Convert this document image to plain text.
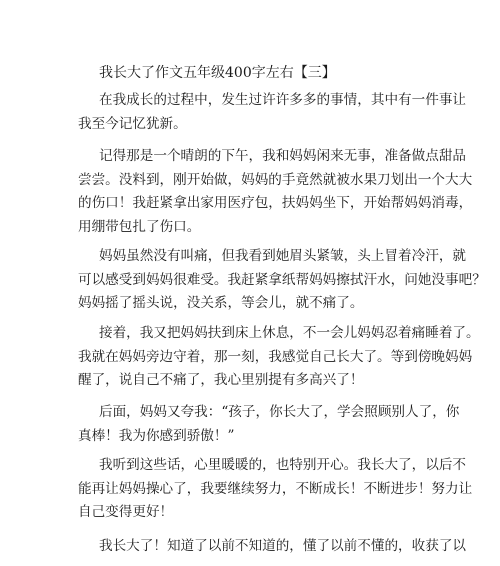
我长大了作文五年级400字左右【三】

在我成长的过程中，发生过许许多多的事情，其中有一件事让
我至今记忆犹新。

记得那是一个晴朗的下午，我和妈妈闲来无事，准备做点甜品
尝尝。没料到，刚开始做，妈妈的手竟然就被水果刀划出一个大大
的伤口！我赶紧拿出家用医疗包，扶妈妈坐下，开始帮妈妈消毒，
用绷带包扎了伤口。

妈妈虽然没有叫痛，但我看到她眉头紧皱，头上冒着冷汗，就
可以感受到妈妈很难受。我赶紧拿纸帮妈妈擦拭汗水，问她没事吧？
妈妈摇了摇头说，没关系，等会儿，就不痛了。

接着，我又把妈妈扶到床上休息，不一会儿妈妈忍着痛睡着了。
我就在妈妈旁边守着，那一刻，我感觉自己长大了。等到傍晚妈妈
醒了，说自己不痛了，我心里别提有多高兴了！

后面，妈妈又夸我：“孩子，你长大了，学会照顾别人了，你
真棒！我为你感到骄傲！”

我听到这些话，心里暖暖的，也特别开心。我长大了，以后不
能再让妈妈操心了，我要继续努力，不断成长！不断进步！努力让
自己变得更好！

我长大了！知道了以前不知道的，懂了以前不懂的，收获了以
